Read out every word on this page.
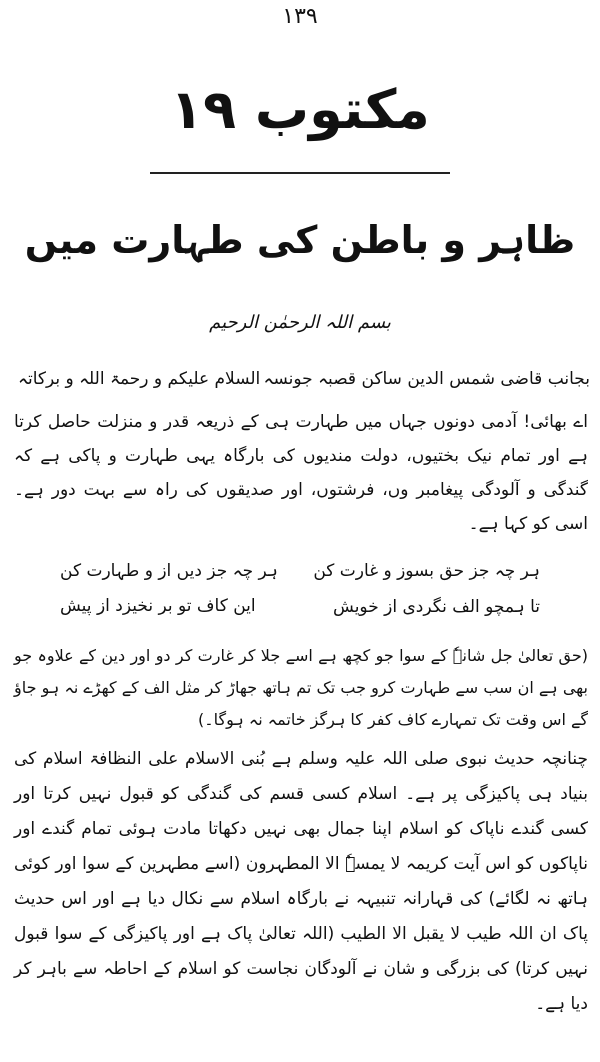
١٣٩
مکتوب ١٩
ظاہر و باطن کی طہارت میں
بسم اللہ الرحمٰن الرحیم
بجانب قاضی شمس الدین ساکن قصبہ جونسہ
السلام علیکم و رحمۃ اللہ و برکاتہ

اے بھائی! آدمی دونوں جہاں میں طہارت ہی کے ذریعہ قدر و منزلت حاصل کرتا ہے اور تمام نیک بختیوں، دولت مندیوں کی بارگاہ یہی طہارت و پاکی ہے کہ گندگی و آلودگی پیغامبر وں، فرشتوں، اور صدیقوں کی راہ سے بہت دور ہے۔ اسی کو کہا ہے۔

ہر چہ جز حق بسوز و غارت کن
ہر چہ جز دیں از و طہارت کن
تا ہمچو الف نگردی از خویش
این کاف تو بر نخیزد از پیش

(حق تعالیٰ جل شانہٗ کے سوا جو کچھ ہے اسے جلا کر غارت کر دو اور دین کے علاوہ جو بھی ہے ان سب سے طہارت کرو جب تک تم ہاتھ جھاڑ کر مثل الف کے کھڑے نہ ہو جاؤ گے اس وقت تک تمہارے کاف کفر کا ہرگز خاتمہ نہ ہوگا۔)

چنانچہ حدیث نبوی صلی اللہ علیہ وسلم ہے بُنی الاسلام علی النظافۃ اسلام کی بنیاد ہی پاکیزگی پر ہے۔ اسلام کسی قسم کی گندگی کو قبول نہیں کرتا اور کسی گندے ناپاک کو اسلام اپنا جمال بھی نہیں دکھاتا مادت ہوئی تمام گندے اور ناپاکوں کو اس آیت کریمہ لا یمسہٗ الا المطہرون (اسے مطہرین کے سوا اور کوئی ہاتھ نہ لگائے) کی قہارانہ تنبیہہ نے بارگاہ اسلام سے نکال دیا ہے اور اس حدیث پاک ان اللہ طیب لا یقبل الا الطیب (اللہ تعالیٰ پاک ہے اور پاکیزگی کے سوا قبول نہیں کرتا) کی بزرگی و شان نے آلودگان نجاست کو اسلام کے احاطہ سے باہر کر دیا ہے۔
